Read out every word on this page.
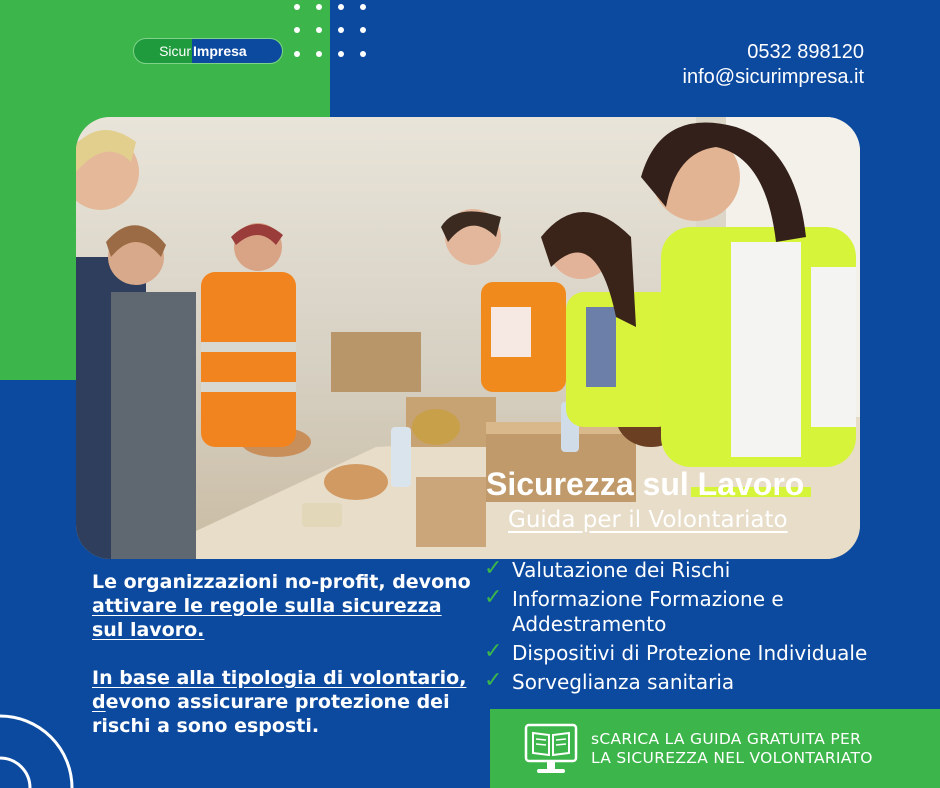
Sicur Impresa	0532 898120
info@sicurimpresa.it
Sicurezza sul Lavoro
Guida per il Volontariato
✓ Valutazione dei Rischi
✓ Informazione Formazione e Addestramento
✓ Dispositivi di Protezione Individuale
✓ Sorveglianza sanitaria

Le organizzazioni no-profit, devono attivare le regole sulla sicurezza sul lavoro.

In base alla tipologia di volontario, devono assicurare protezione dei rischi a sono esposti.

sCARICA LA GUIDA GRATUITA PER
LA SICUREZZA NEL VOLONTARIATO
